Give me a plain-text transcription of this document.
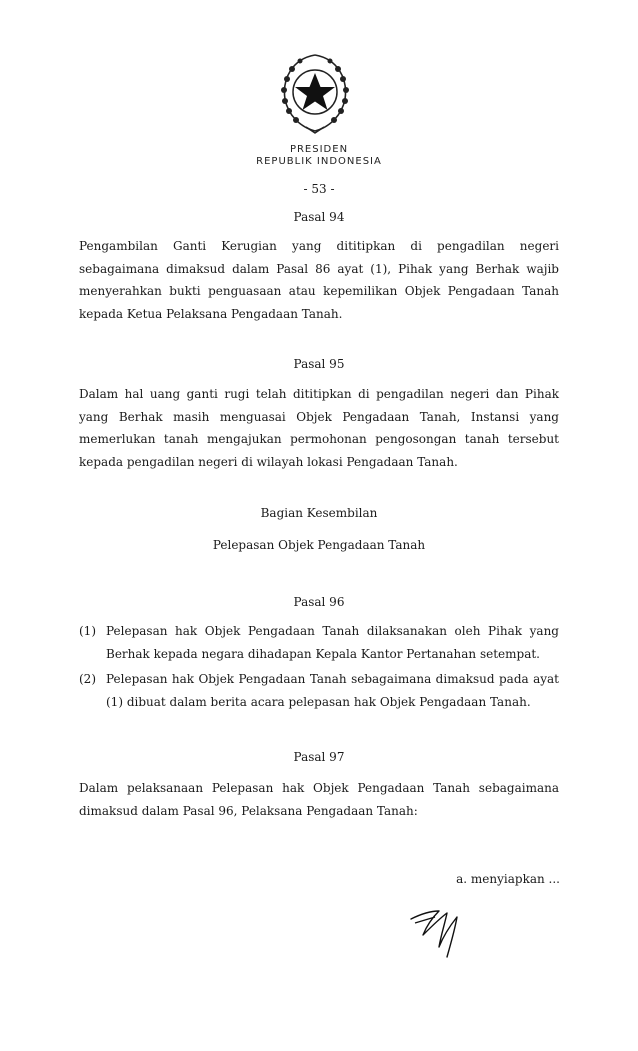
PRESIDEN
REPUBLIK INDONESIA
- 53 -
Pasal 94
Pengambilan Ganti Kerugian yang dititipkan di pengadilan negeri sebagaimana dimaksud dalam Pasal 86 ayat (1), Pihak yang Berhak wajib menyerahkan bukti penguasaan atau kepemilikan Objek Pengadaan Tanah kepada Ketua Pelaksana Pengadaan Tanah.
Pasal 95
Dalam hal uang ganti rugi telah dititipkan di pengadilan negeri dan Pihak yang Berhak masih menguasai Objek Pengadaan Tanah, Instansi yang memerlukan tanah mengajukan permohonan pengosongan tanah tersebut kepada pengadilan negeri di wilayah lokasi Pengadaan Tanah.
Bagian Kesembilan
Pelepasan Objek Pengadaan Tanah
Pasal 96
(1) Pelepasan hak Objek Pengadaan Tanah dilaksanakan oleh Pihak yang Berhak kepada negara dihadapan Kepala Kantor Pertanahan setempat.
(2) Pelepasan hak Objek Pengadaan Tanah sebagaimana dimaksud pada ayat (1) dibuat dalam berita acara pelepasan hak Objek Pengadaan Tanah.
Pasal 97
Dalam pelaksanaan Pelepasan hak Objek Pengadaan Tanah sebagaimana dimaksud dalam Pasal 96, Pelaksana Pengadaan Tanah:
a. menyiapkan ...
